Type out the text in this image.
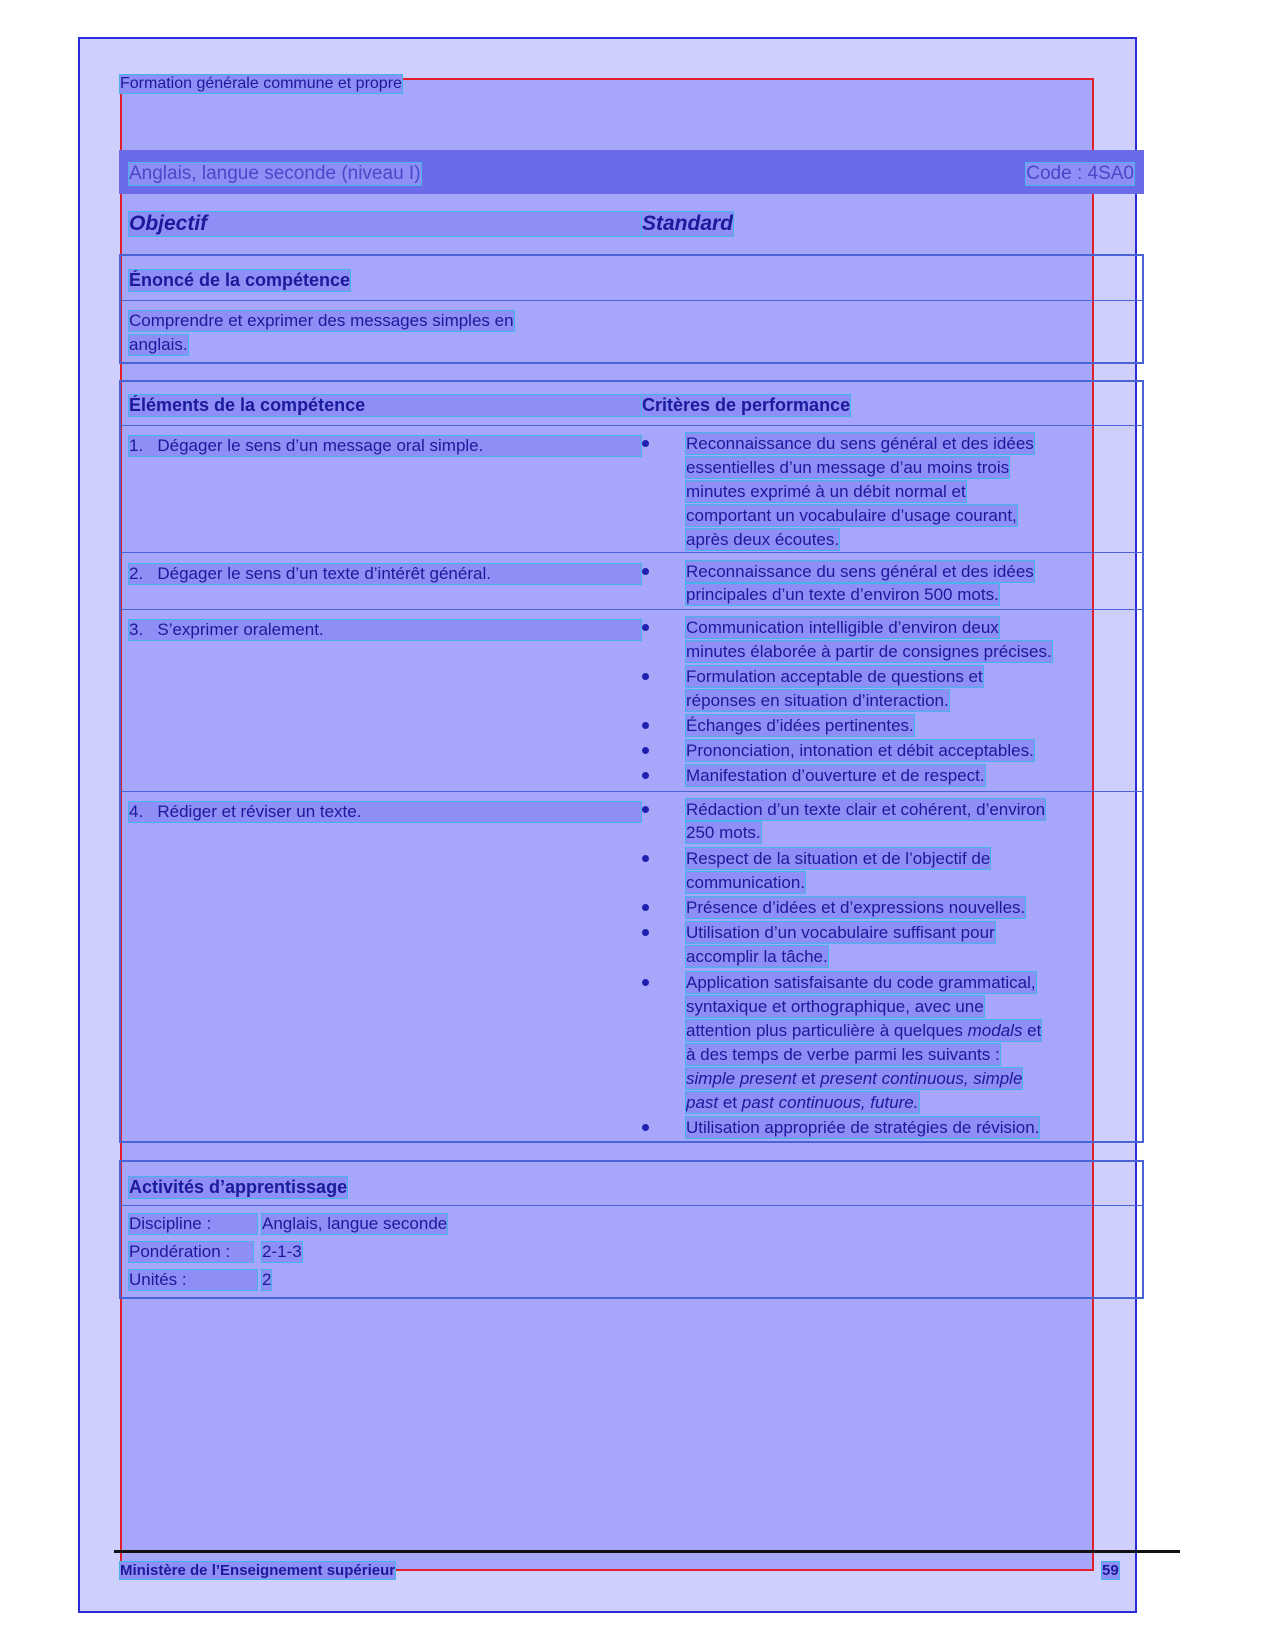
Formation générale commune et propre
Anglais, langue seconde (niveau I)	Code : 4SA0
Objectif	Standard
Énoncé de la compétence
Comprendre et exprimer des messages simples en
anglais.
Éléments de la compétence	Critères de performance
1. Dégager le sens d’un message oral simple.	Reconnaissance du sens général et des idées
essentielles d’un message d’au moins trois
minutes exprimé à un débit normal et
comportant un vocabulaire d’usage courant,
après deux écoutes.
2. Dégager le sens d’un texte d’intérêt général.	Reconnaissance du sens général et des idées
principales d’un texte d’environ 500 mots.
3. S’exprimer oralement.	Communication intelligible d’environ deux
minutes élaborée à partir de consignes précises.
Formulation acceptable de questions et
réponses en situation d’interaction.
Échanges d’idées pertinentes.
Prononciation, intonation et débit acceptables.
Manifestation d’ouverture et de respect.
4. Rédiger et réviser un texte.	Rédaction d’un texte clair et cohérent, d’environ
250 mots.
Respect de la situation et de l’objectif de
communication.
Présence d’idées et d’expressions nouvelles.
Utilisation d’un vocabulaire suffisant pour
accomplir la tâche.
Application satisfaisante du code grammatical,
syntaxique et orthographique, avec une
attention plus particulière à quelques modals et
à des temps de verbe parmi les suivants :
simple present et present continuous, simple
past et past continuous, future.
Utilisation appropriée de stratégies de révision.
Activités d’apprentissage
Discipline :	Anglais, langue seconde
Pondération :	2-1-3
Unités :	2
Ministère de l’Enseignement supérieur	59
